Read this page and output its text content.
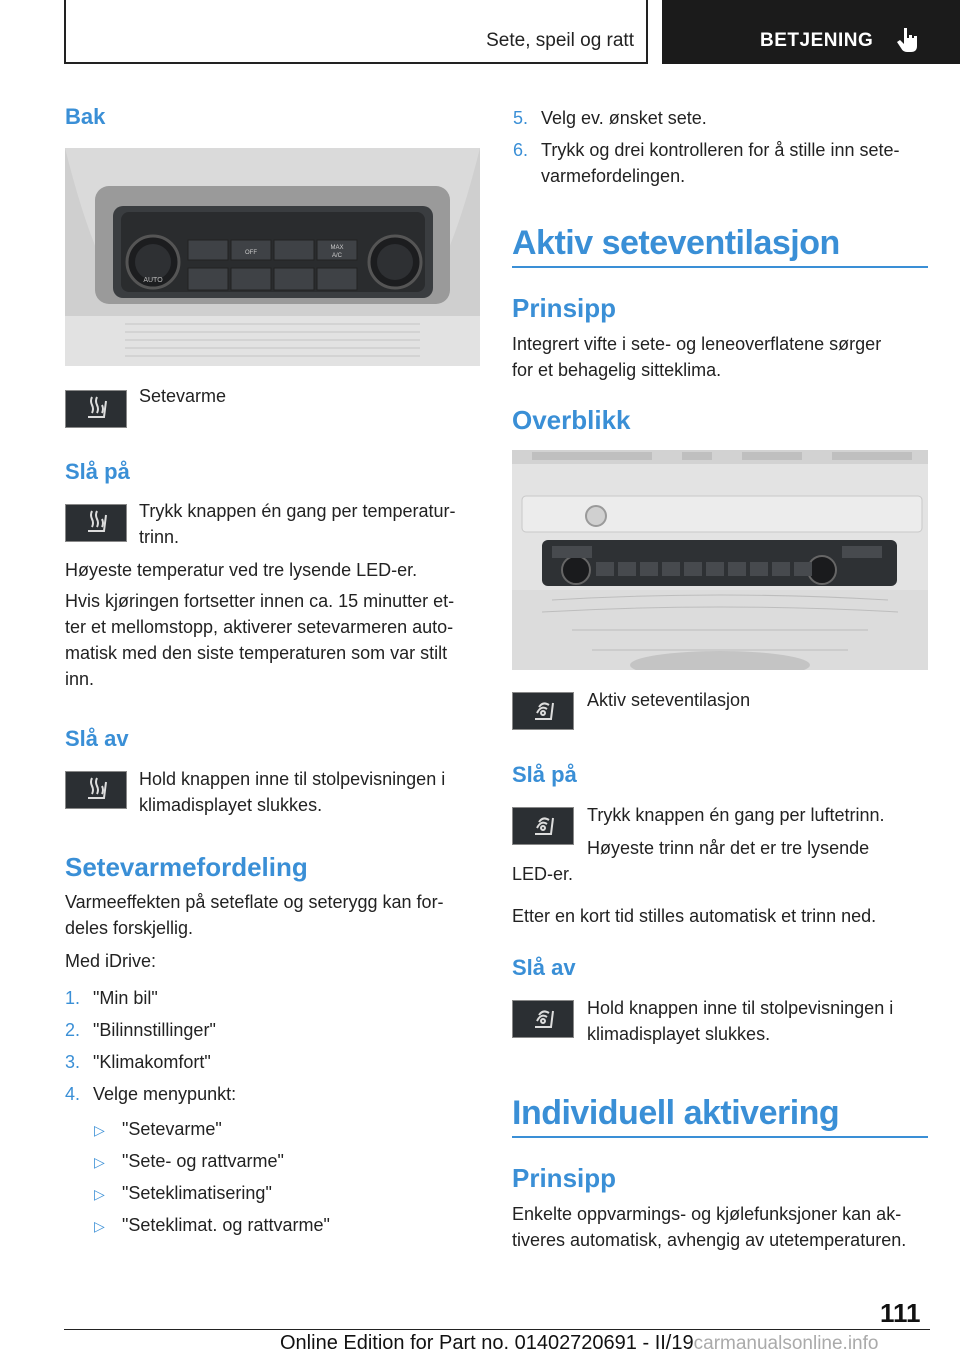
Sete, speil og ratt	BETJENING
Bak
AUTO
OFF
MAX
A/C
Setevarme
Slå på
Trykk knappen én gang per temperatur-
trinn.
Høyeste temperatur ved tre lysende LED-er.
Hvis kjøringen fortsetter innen ca. 15 minutter et-
ter et mellomstopp, aktiverer setevarmeren auto-
matisk med den siste temperaturen som var stilt
inn.
Slå av
Hold knappen inne til stolpevisningen i
klimadisplayet slukkes.
Setevarmefordeling
Varmeeffekten på seteflate og seterygg kan for-
deles forskjellig.
Med iDrive:
1. "Min bil"
2. "Bilinnstillinger"
3. "Klimakomfort"
4. Velge menypunkt:
▷ "Setevarme"
▷ "Sete- og rattvarme"
▷ "Seteklimatisering"
▷ "Seteklimat. og rattvarme"
5. Velg ev. ønsket sete.
6. Trykk og drei kontrolleren for å stille inn sete-
varmefordelingen.
Aktiv seteventilasjon
Prinsipp
Integrert vifte i sete- og leneoverflatene sørger
for et behagelig sitteklima.
Overblikk
Aktiv seteventilasjon
Slå på
Trykk knappen én gang per luftetrinn.
Høyeste trinn når det er tre lysende
LED-er.
Etter en kort tid stilles automatisk et trinn ned.
Slå av
Hold knappen inne til stolpevisningen i
klimadisplayet slukkes.
Individuell aktivering
Prinsipp
Enkelte oppvarmings- og kjølefunksjoner kan ak-
tiveres automatisk, avhengig av utetemperaturen.
111
Online Edition for Part no. 01402720691 - II/19carmanualsonline.info
